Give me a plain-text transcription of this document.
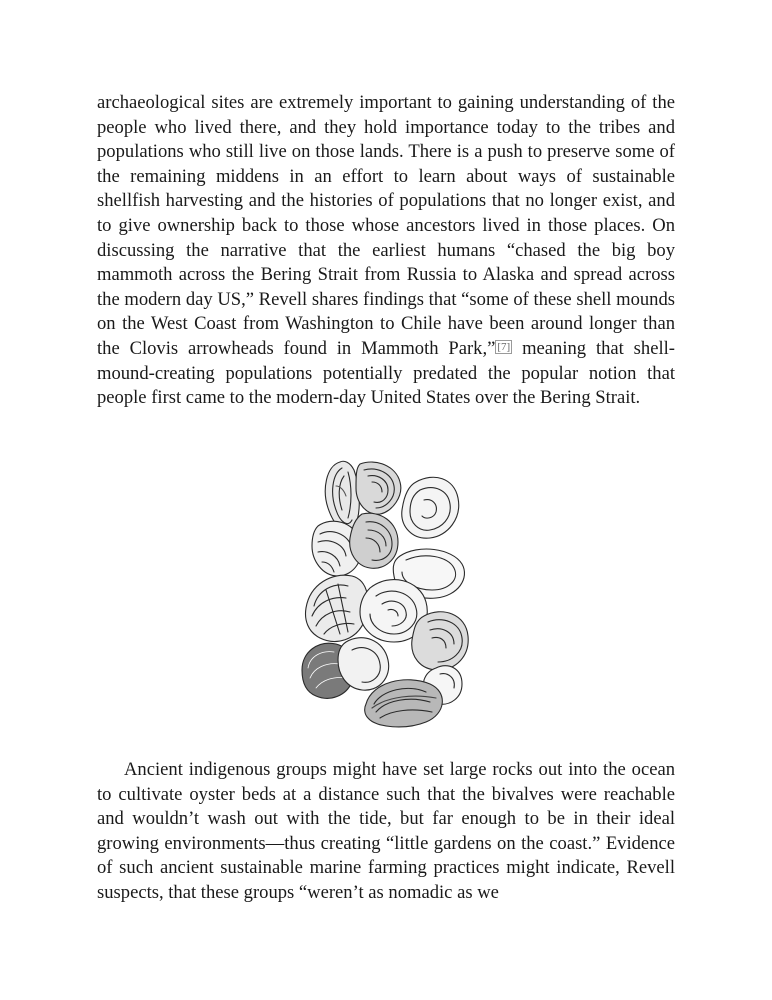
archaeological sites are extremely important to gaining understanding of the people who lived there, and they hold importance today to the tribes and populations who still live on those lands. There is a push to preserve some of the remaining middens in an effort to learn about ways of sustainable shellfish harvesting and the histories of populations that no longer exist, and to give ownership back to those whose ancestors lived in those places. On discussing the narrative that the earliest humans “chased the big boy mammoth across the Bering Strait from Russia to Alaska and spread across the modern day US,” Revell shares findings that “some of these shell mounds on the West Coast from Washington to Chile have been around longer than the Clovis arrowheads found in Mammoth Park,” [7] meaning that shell-mound-creating populations potentially predated the popular notion that people first came to the modern-day United States over the Bering Strait.

Ancient indigenous groups might have set large rocks out into the ocean to cultivate oyster beds at a distance such that the bivalves were reachable and wouldn’t wash out with the tide, but far enough to be in their ideal growing environments—thus creating “little gardens on the coast.” Evidence of such ancient sustainable marine farming practices might indicate, Revell suspects, that these groups “weren’t as nomadic as we
